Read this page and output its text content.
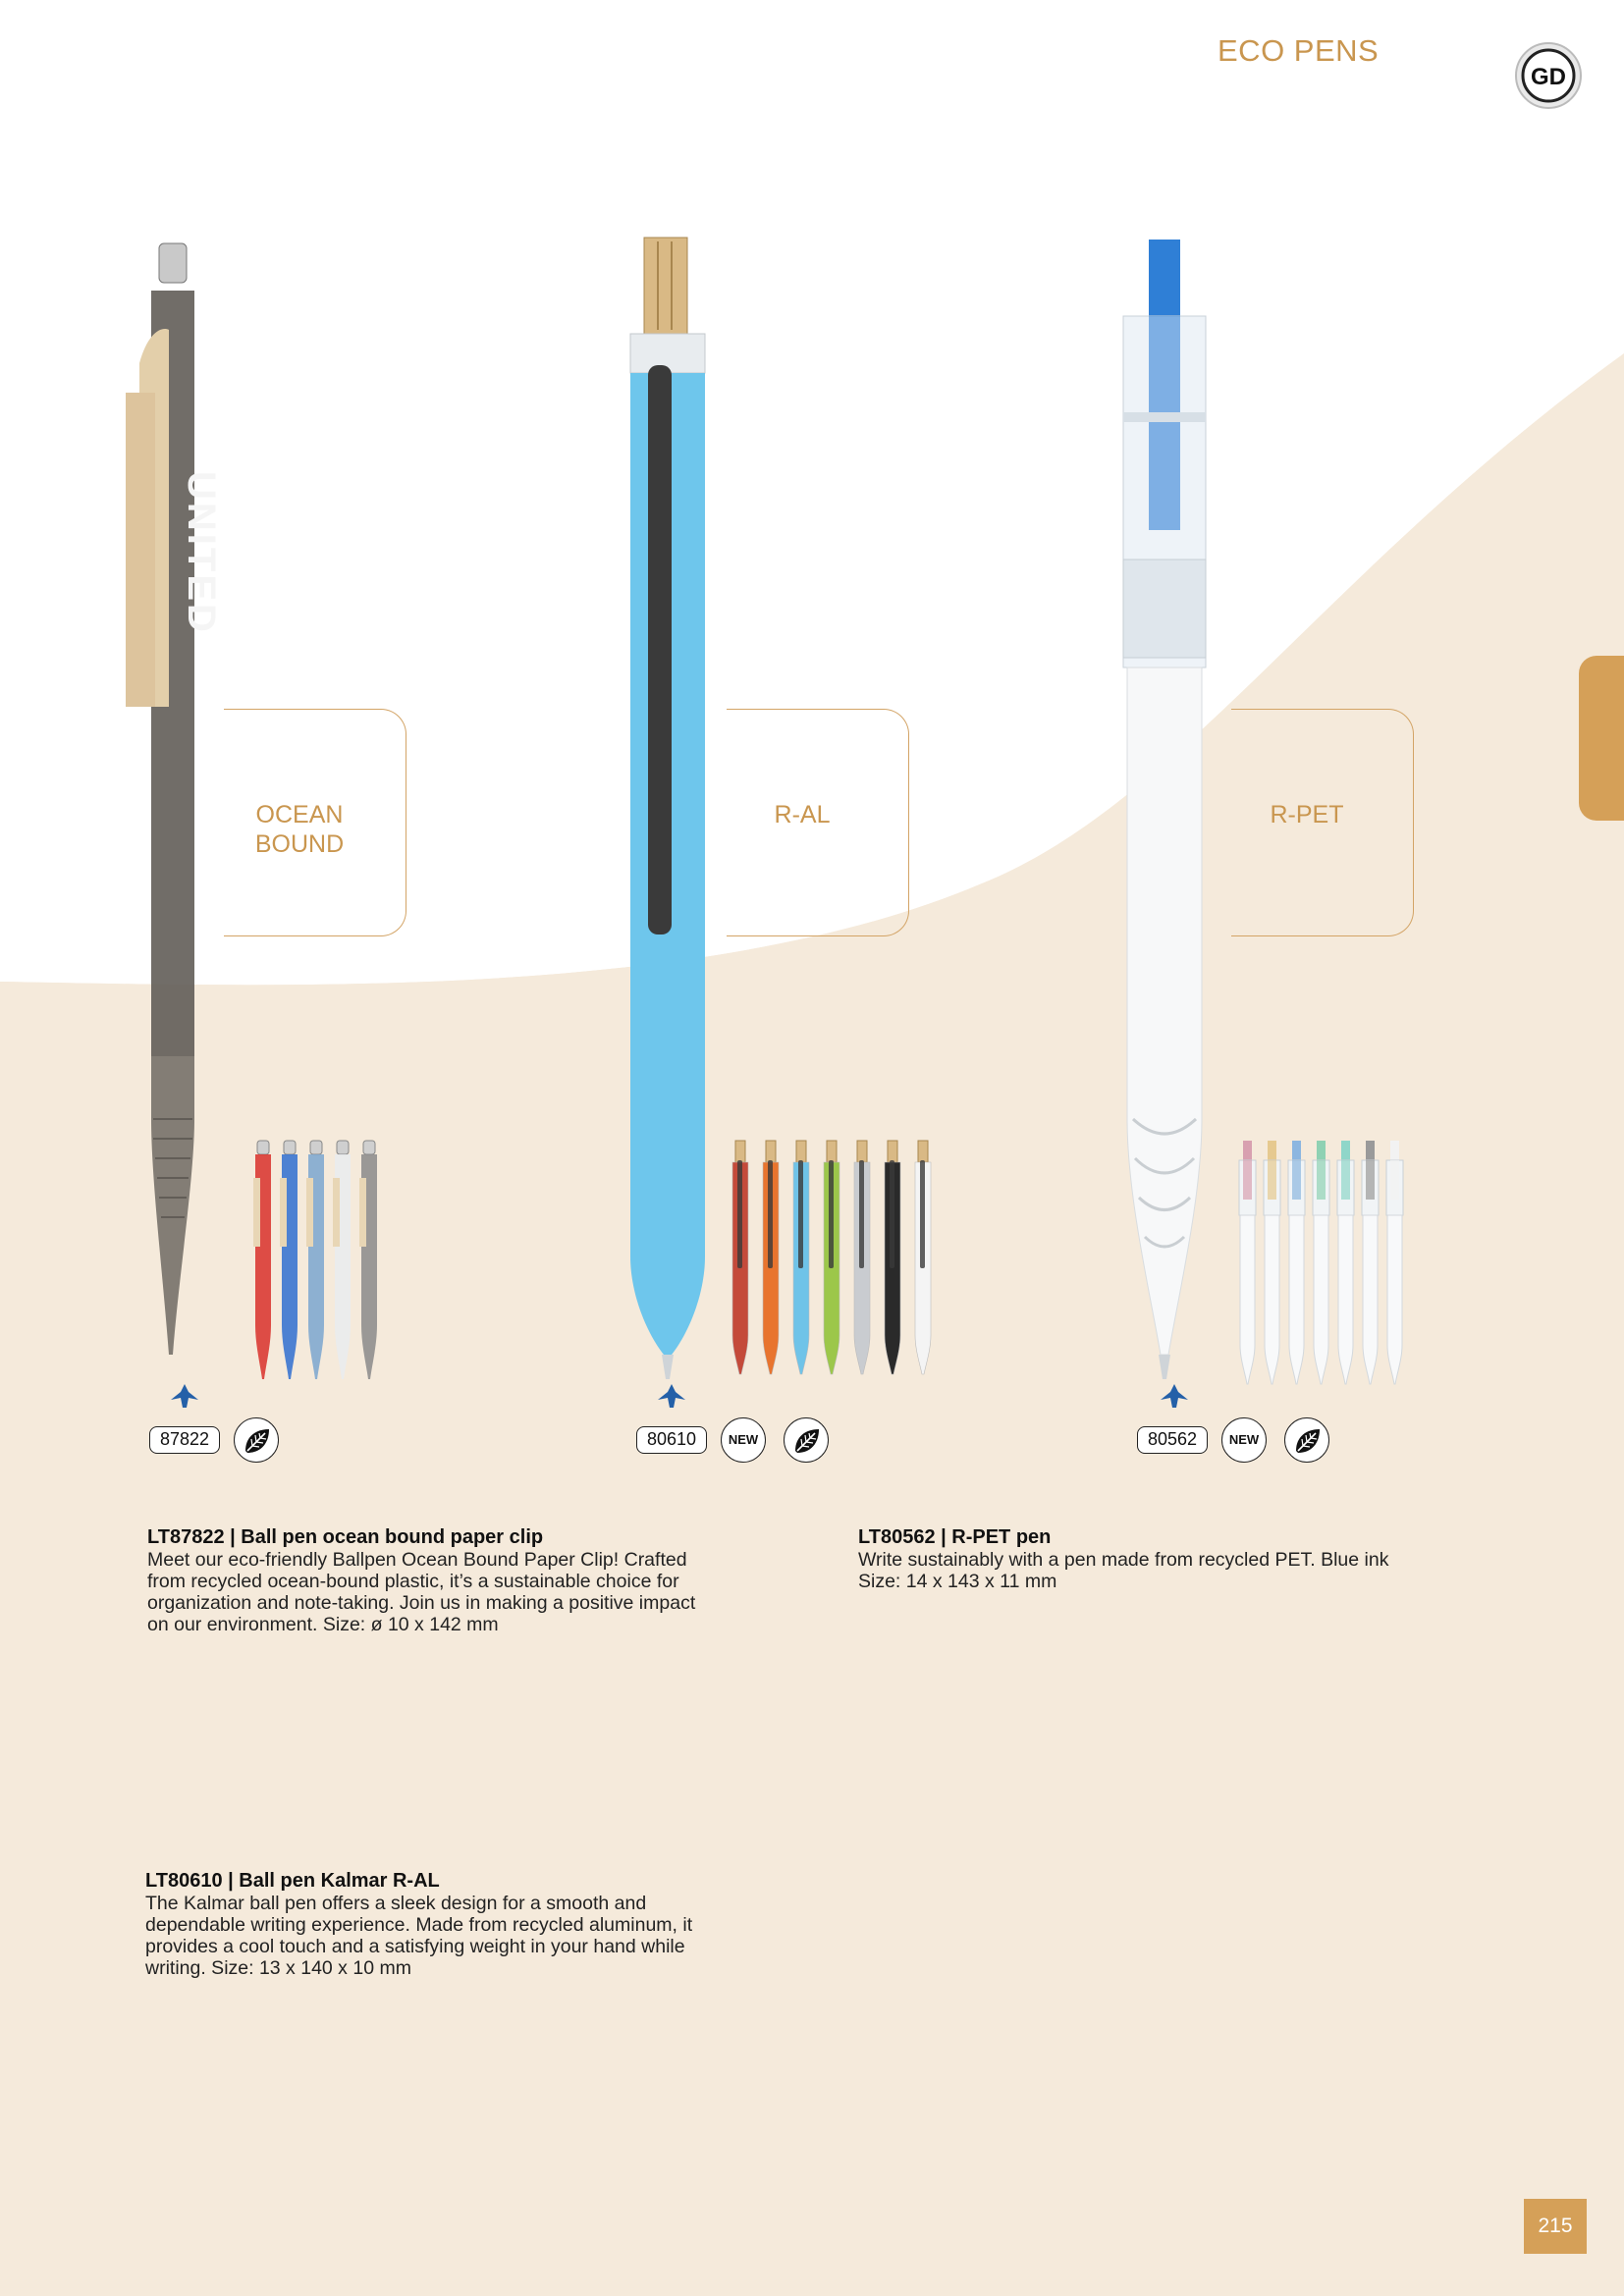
ECO PENS
GD
OCEAN
BOUND
R-AL	R-PET
UNITED
87822	80610	NEW	80562	NEW

LT87822 | Ball pen ocean bound paper clip

Meet our eco-friendly Ballpen Ocean Bound Paper Clip! Crafted

from recycled ocean-bound plastic, it’s a sustainable choice for

organization and note-taking. Join us in making a positive impact

on our environment. Size: ø 10 x 142 mm

LT80562 | R-PET pen

Write sustainably with a pen made from recycled PET. Blue ink

Size: 14 x 143 x 11 mm

LT80610 | Ball pen Kalmar R-AL

The Kalmar ball pen offers a sleek design for a smooth and

dependable writing experience. Made from recycled aluminum, it

provides a cool touch and a satisfying weight in your hand while

writing. Size: 13 x 140 x 10 mm

215
